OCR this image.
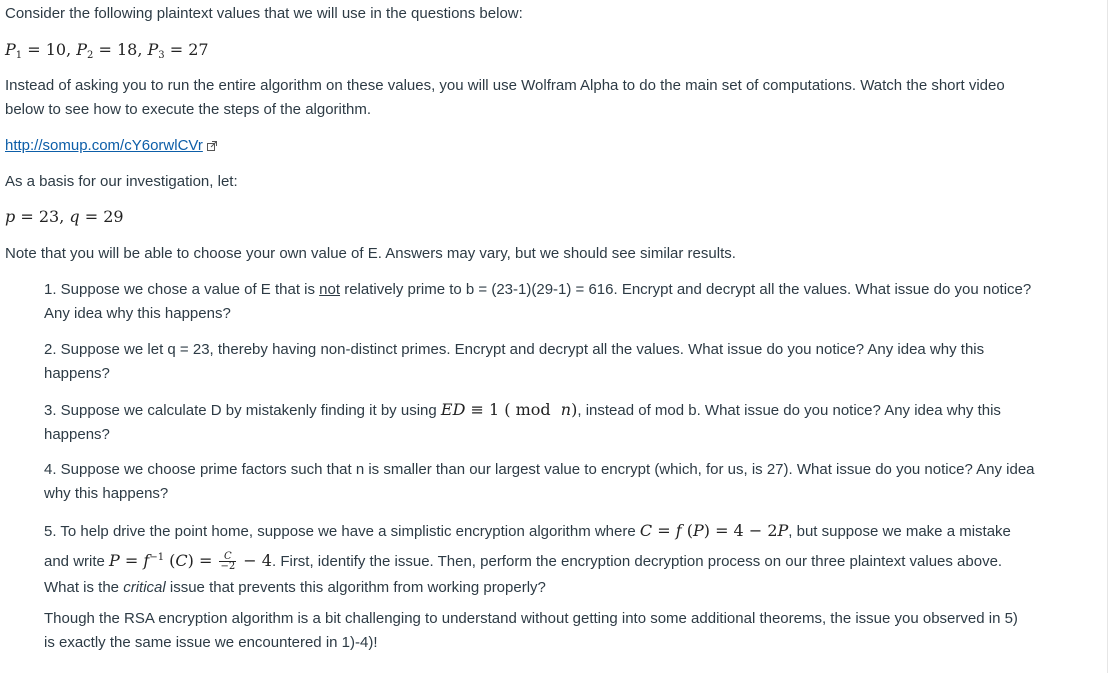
Consider the following plaintext values that we will use in the questions below:
$P_1 = 10$, $P_2 = 18$, $P_3 = 27$
Instead of asking you to run the entire algorithm on these values, you will use Wolfram Alpha to do the main set of computations. Watch the short video
below to see how to execute the steps of the algorithm.
http://somup.com/cY6orwlCVr
As a basis for our investigation, let:
p = 23, q = 29
Note that you will be able to choose your own value of E. Answers may vary, but we should see similar results.
1. Suppose we chose a value of E that is not relatively prime to b = (23-1)(29-1) = 616. Encrypt and decrypt all the values. What issue do you notice?
Any idea why this happens?
2. Suppose we let q = 23, thereby having non-distinct primes. Encrypt and decrypt all the values. What issue do you notice? Any idea why this
happens?
3. Suppose we calculate D by mistakenly finding it by using ED ≡ 1 ( mod  n), instead of mod b. What issue do you notice? Any idea why this
happens?
4. Suppose we choose prime factors such that n is smaller than our largest value to encrypt (which, for us, is 27). What issue do you notice? Any idea
why this happens?
5. To help drive the point home, suppose we have a simplistic encryption algorithm where C = f (P) = 4 − 2P, but suppose we make a mistake
and write $P = f^{-1}$ $(C) = \frac{C}{-2} - 4$. First, identify the issue. Then, perform the encryption decryption process on our three plaintext values above.
What is the critical issue that prevents this algorithm from working properly?
Though the RSA encryption algorithm is a bit challenging to understand without getting into some additional theorems, the issue you observed in 5)
is exactly the same issue we encountered in 1)-4)!
